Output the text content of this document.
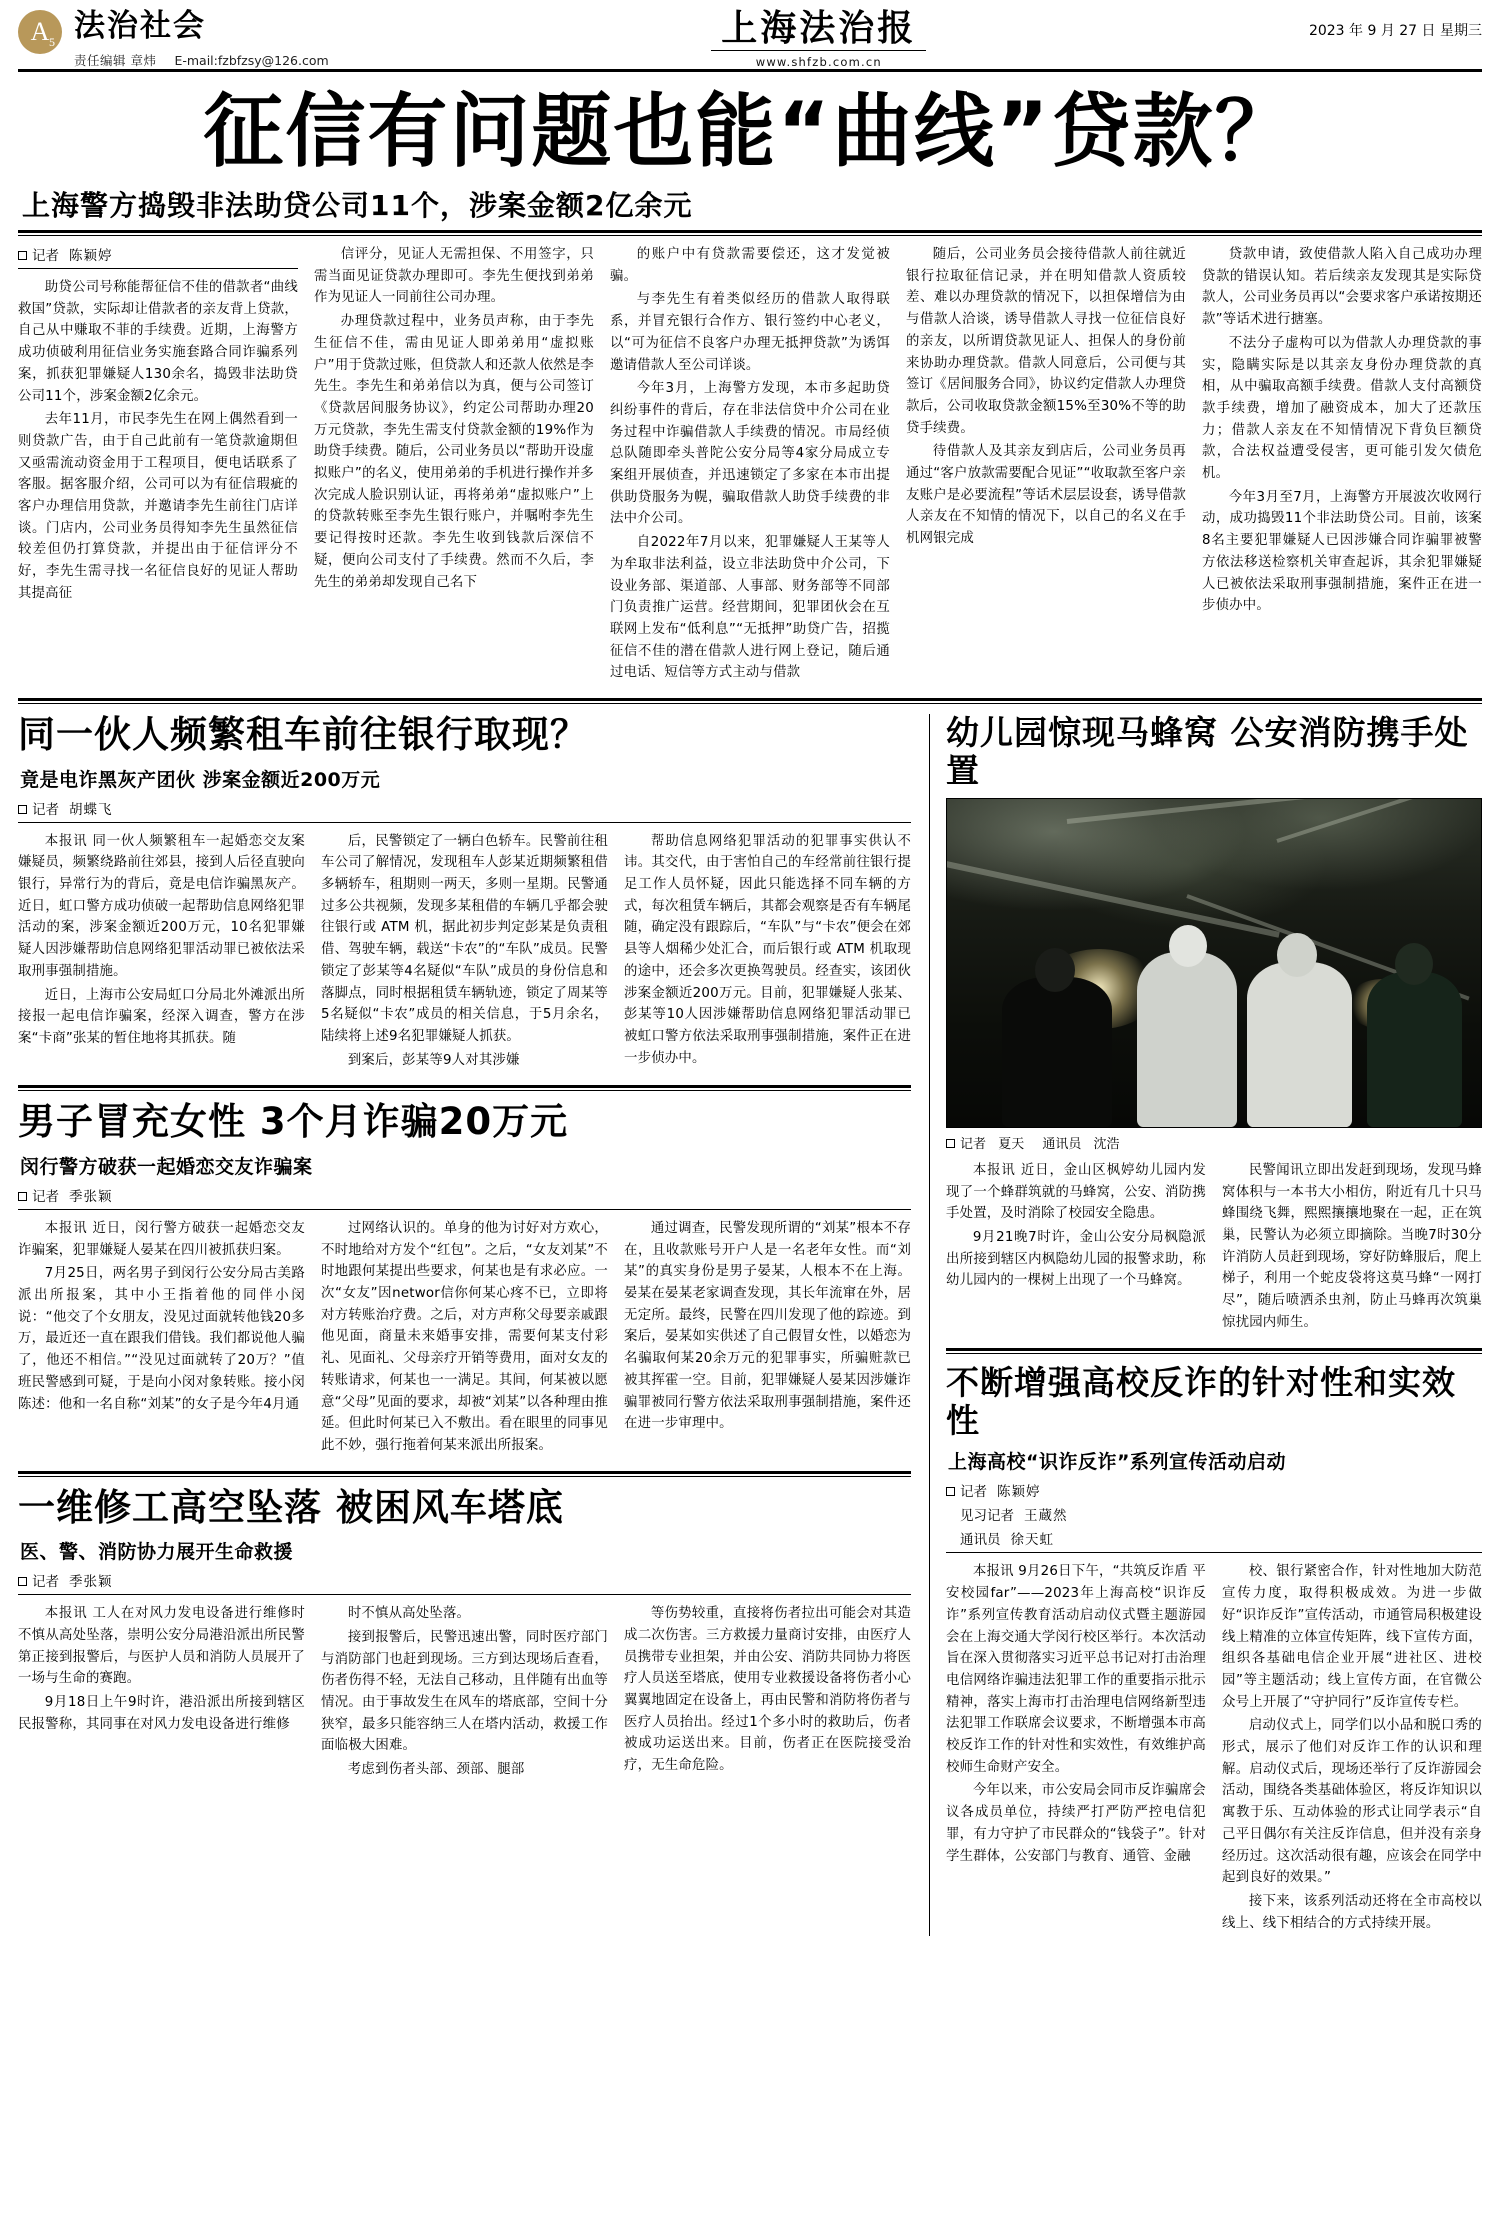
A 5 法治社会
责任编辑 章炜 E-mail:fzbfzsy@126.com
上海法治报
www.shfzb.com.cn
2023 年 9 月 27 日 星期三
征信有问题也能“曲线”贷款？
上海警方捣毁非法助贷公司11个，涉案金额2亿余元
记者 陈颖婷

助贷公司号称能帮征信不佳的借款者“曲线救国”贷款，实际却让借款者的亲友背上贷款，自己从中赚取不菲的手续费。近期，上海警方成功侦破利用征信业务实施套路合同诈骗系列案，抓获犯罪嫌疑人130余名，捣毁非法助贷公司11个，涉案金额2亿余元。

去年11月，市民李先生在网上偶然看到一则贷款广告，由于自己此前有一笔贷款逾期但又亟需流动资金用于工程项目，便电话联系了客服。据客服介绍，公司可以为有征信瑕疵的客户办理信用贷款，并邀请李先生前往门店详谈。门店内，公司业务员得知李先生虽然征信较差但仍打算贷款，并提出由于征信评分不好，李先生需寻找一名征信良好的见证人帮助其提高征

信评分，见证人无需担保、不用签字，只需当面见证贷款办理即可。李先生便找到弟弟作为见证人一同前往公司办理。

办理贷款过程中，业务员声称，由于李先生征信不佳，需由见证人即弟弟用“虚拟账户”用于贷款过账，但贷款人和还款人依然是李先生。李先生和弟弟信以为真，便与公司签订《贷款居间服务协议》，约定公司帮助办理20万元贷款，李先生需支付贷款金额的19%作为助贷手续费。随后，公司业务员以“帮助开设虚拟账户”的名义，使用弟弟的手机进行操作并多次完成人脸识别认证，再将弟弟“虚拟账户”上的贷款转账至李先生银行账户，并嘱咐李先生要记得按时还款。李先生收到钱款后深信不疑，便向公司支付了手续费。然而不久后，李先生的弟弟却发现自己名下

的账户中有贷款需要偿还，这才发觉被骗。

与李先生有着类似经历的借款人取得联系，并冒充银行合作方、银行签约中心老义，以“可为征信不良客户办理无抵押贷款”为诱饵邀请借款人至公司详谈。

今年3月，上海警方发现，本市多起助贷纠纷事件的背后，存在非法信贷中介公司在业务过程中诈骗借款人手续费的情况。市局经侦总队随即牵头普陀公安分局等4家分局成立专案组开展侦查，并迅速锁定了多家在本市出提供助贷服务为幌，骗取借款人助贷手续费的非法中介公司。

自2022年7月以来，犯罪嫌疑人王某等人为牟取非法利益，设立非法助贷中介公司，下设业务部、渠道部、人事部、财务部等不同部门负责推广运营。经营期间，犯罪团伙会在互联网上发布“低利息”“无抵押”助贷广告，招揽征信不佳的潜在借款人进行网上登记，随后通过电话、短信等方式主动与借款

随后，公司业务员会接待借款人前往就近银行拉取征信记录，并在明知借款人资质较差、难以办理贷款的情况下，以担保增信为由与借款人洽谈，诱导借款人寻找一位征信良好的亲友，以所谓贷款见证人、担保人的身份前来协助办理贷款。借款人同意后，公司便与其签订《居间服务合同》，协议约定借款人办理贷款后，公司收取贷款金额15%至30%不等的助贷手续费。

待借款人及其亲友到店后，公司业务员再通过“客户放款需要配合见证”“收取款至客户亲友账户是必要流程”等话术层层设套，诱导借款人亲友在不知情的情况下，以自己的名义在手机网银完成

贷款申请，致使借款人陷入自己成功办理贷款的错误认知。若后续亲友发现其是实际贷款人，公司业务员再以“会要求客户承诺按期还款”等话术进行搪塞。

不法分子虚构可以为借款人办理贷款的事实，隐瞒实际是以其亲友身份办理贷款的真相，从中骗取高额手续费。借款人支付高额贷款手续费，增加了融资成本，加大了还款压力；借款人亲友在不知情情况下背负巨额贷款，合法权益遭受侵害，更可能引发欠债危机。

今年3月至7月，上海警方开展波次收网行动，成功捣毁11个非法助贷公司。目前，该案8名主要犯罪嫌疑人已因涉嫌合同诈骗罪被警方依法移送检察机关审查起诉，其余犯罪嫌疑人已被依法采取刑事强制措施，案件正在进一步侦办中。

同一伙人频繁租车前往银行取现？
竟是电诈黑灰产团伙 涉案金额近200万元
记者 胡蝶飞

本报讯 同一伙人频繁租车一起婚恋交友案嫌疑员，频繁绕路前往郊县，接到人后径直驶向银行，异常行为的背后，竟是电信诈骗黑灰产。近日，虹口警方成功侦破一起帮助信息网络犯罪活动的案，涉案金额近200万元，10名犯罪嫌疑人因涉嫌帮助信息网络犯罪活动罪已被依法采取刑事强制措施。

近日，上海市公安局虹口分局北外滩派出所接报一起电信诈骗案，经深入调查，警方在涉案“卡商”张某的暂住地将其抓获。随

后，民警锁定了一辆白色轿车。民警前往租车公司了解情况，发现租车人彭某近期频繁租借多辆轿车，租期则一两天，多则一星期。民警通过多公共视频，发现多某租借的车辆几乎都会驶往银行或 ATM 机，据此初步判定彭某是负责租借、驾驶车辆，载送“卡农”的“车队”成员。民警锁定了彭某等4名疑似“车队”成员的身份信息和落脚点，同时根据租赁车辆轨迹，锁定了周某等5名疑似“卡农”成员的相关信息，于5月余名，陆续将上述9名犯罪嫌疑人抓获。

到案后，彭某等9人对其涉嫌

帮助信息网络犯罪活动的犯罪事实供认不讳。其交代，由于害怕自己的车经常前往银行提足工作人员怀疑，因此只能选择不同车辆的方式，每次租赁车辆后，其都会观察是否有车辆尾随，确定没有跟踪后，“车队”与“卡农”便会在郊县等人烟稀少处汇合，而后银行或 ATM 机取现的途中，还会多次更换驾驶员。经查实，该团伙涉案金额近200万元。目前，犯罪嫌疑人张某、彭某等10人因涉嫌帮助信息网络犯罪活动罪已被虹口警方依法采取刑事强制措施，案件正在进一步侦办中。

男子冒充女性 3个月诈骗20万元
闵行警方破获一起婚恋交友诈骗案
记者 季张颖

本报讯 近日，闵行警方破获一起婚恋交友诈骗案，犯罪嫌疑人晏某在四川被抓获归案。

7月25日，两名男子到闵行公安分局古美路派出所报案，其中小王指着他的同伴小闵说：“他交了个女朋友，没见过面就转他钱20多万，最近还一直在跟我们借钱。我们都说他人骗了，他还不相信。”“没见过面就转了20万？”值班民警感到可疑，于是向小闵对象转账。接小闵陈述：他和一名自称“刘某”的女子是今年4月通

过网络认识的。单身的他为讨好对方欢心，不时地给对方发个“红包”。之后，“女友刘某”不时地跟何某提出些要求，何某也是有求必应。一次“女友”因networ信你何某心疼不已，立即将对方转账治疗费。之后，对方声称父母要亲戚跟他见面，商量未来婚事安排，需要何某支付彩礼、见面礼、父母亲疗开销等费用，面对女友的转账请求，何某也一一满足。其间，何某被以愿意“父母”见面的要求，却被“刘某”以各种理由推延。但此时何某已入不敷出。看在眼里的同事见此不妙，强行拖着何某来派出所报案。

通过调查，民警发现所谓的“刘某”根本不存在，且收款账号开户人是一名老年女性。而“刘某”的真实身份是男子晏某，人根本不在上海。晏某在晏某老家调查发现，其长年流窜在外，居无定所。最终，民警在四川发现了他的踪迹。到案后，晏某如实供述了自己假冒女性，以婚恋为名骗取何某20余万元的犯罪事实，所骗赃款已被其挥霍一空。目前，犯罪嫌疑人晏某因涉嫌诈骗罪被同行警方依法采取刑事强制措施，案件还在进一步审理中。

一维修工高空坠落 被困风车塔底
医、警、消防协力展开生命救援
记者 季张颖

本报讯 工人在对风力发电设备进行维修时不慎从高处坠落，崇明公安分局港沿派出所民警第正接到报警后，与医护人员和消防人员展开了一场与生命的赛跑。

9月18日上午9时许，港沿派出所接到辖区民报警称，其同事在对风力发电设备进行维修

时不慎从高处坠落。

接到报警后，民警迅速出警，同时医疗部门与消防部门也赶到现场。三方到达现场后查看，伤者伤得不轻，无法自己移动，且伴随有出血等情况。由于事故发生在风车的塔底部，空间十分狭窄，最多只能容纳三人在塔内活动，救援工作面临极大困难。

考虑到伤者头部、颈部、腿部

等伤势较重，直接将伤者拉出可能会对其造成二次伤害。三方救援力量商讨安排，由医疗人员携带专业担架，并由公安、消防共同协力将医疗人员送至塔底，使用专业救援设备将伤者小心翼翼地固定在设备上，再由民警和消防将伤者与医疗人员抬出。经过1个多小时的救助后，伤者被成功运送出来。目前，伤者正在医院接受治疗，无生命危险。

幼儿园惊现马蜂窝 公安消防携手处置
记者 夏天 通讯员 沈浩

本报讯 近日，金山区枫婷幼儿园内发现了一个蜂群筑就的马蜂窝，公安、消防携手处置，及时消除了校园安全隐患。

9月21晚7时许，金山公安分局枫隐派出所接到辖区内枫隐幼儿园的报警求助，称幼儿园内的一棵树上出现了一个马蜂窝。

民警闻讯立即出发赶到现场，发现马蜂窝体积与一本书大小相仿，附近有几十只马蜂围绕飞舞，熙熙攘攘地聚在一起，正在筑巢，民警认为必须立即摘除。当晚7时30分许消防人员赶到现场，穿好防蜂服后，爬上梯子，利用一个蛇皮袋将这莫马蜂“一网打尽”，随后喷洒杀虫剂，防止马蜂再次筑巢惊扰园内师生。

不断增强高校反诈的针对性和实效性
上海高校“识诈反诈”系列宣传活动启动
记者 陈颖婷
见习记者 王蔵然
通讯员 徐天虹

本报讯 9月26日下午，“共筑反诈盾 平安校园far”——2023年上海高校“识诈反诈”系列宣传教育活动启动仪式暨主题游园会在上海交通大学闵行校区举行。本次活动旨在深入贯彻落实习近平总书记对打击治理电信网络诈骗违法犯罪工作的重要指示批示精神，落实上海市打击治理电信网络新型违法犯罪工作联席会议要求，不断增强本市高校反诈工作的针对性和实效性，有效维护高校师生命财产安全。

今年以来，市公安局会同市反诈骗席会议各成员单位，持续严打严防严控电信犯罪，有力守护了市民群众的“钱袋子”。针对学生群体，公安部门与教育、通管、金融

校、银行紧密合作，针对性地加大防范宣传力度，取得积极成效。为进一步做好“识诈反诈”宣传活动，市通管局积极建设线上精准的立体宣传矩阵，线下宣传方面，组织各基础电信企业开展“进社区、进校园”等主题活动；线上宣传方面，在官微公众号上开展了“守护同行”反诈宣传专栏。

启动仪式上，同学们以小品和脱口秀的形式，展示了他们对反诈工作的认识和理解。启动仪式后，现场还举行了反诈游园会活动，围绕各类基础体验区，将反诈知识以寓教于乐、互动体验的形式让同学表示“自己平日偶尔有关注反诈信息，但并没有亲身经历过。这次活动很有趣，应该会在同学中起到良好的效果。”

接下来，该系列活动还将在全市高校以线上、线下相结合的方式持续开展。
